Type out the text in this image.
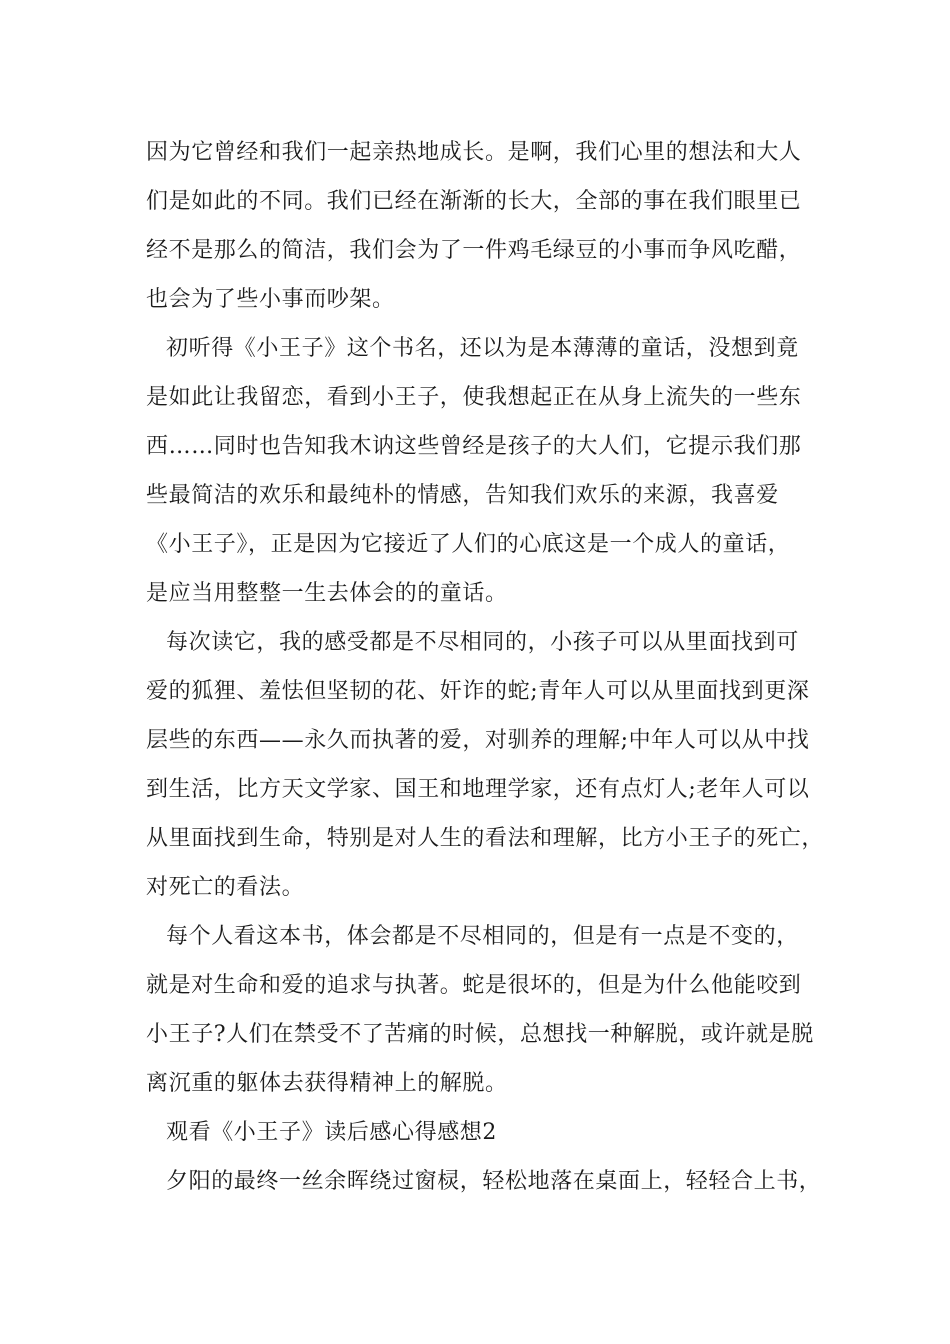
因为它曾经和我们一起亲热地成长。是啊，我们心里的想法和大人
们是如此的不同。我们已经在渐渐的长大，全部的事在我们眼里已
经不是那么的简洁，我们会为了一件鸡毛绿豆的小事而争风吃醋，
也会为了些小事而吵架。
初听得《小王子》这个书名，还以为是本薄薄的童话，没想到竟
是如此让我留恋，看到小王子，使我想起正在从身上流失的一些东
西……同时也告知我木讷这些曾经是孩子的大人们，它提示我们那
些最简洁的欢乐和最纯朴的情感，告知我们欢乐的来源，我喜爱
《小王子》，正是因为它接近了人们的心底这是一个成人的童话，
是应当用整整一生去体会的的童话。
每次读它，我的感受都是不尽相同的，小孩子可以从里面找到可
爱的狐狸、羞怯但坚韧的花、奸诈的蛇;青年人可以从里面找到更深
层些的东西——永久而执著的爱，对驯养的理解;中年人可以从中找
到生活，比方天文学家、国王和地理学家，还有点灯人;老年人可以
从里面找到生命，特别是对人生的看法和理解，比方小王子的死亡，
对死亡的看法。
每个人看这本书，体会都是不尽相同的，但是有一点是不变的，
就是对生命和爱的追求与执著。蛇是很坏的，但是为什么他能咬到
小王子?人们在禁受不了苦痛的时候，总想找一种解脱，或许就是脱
离沉重的躯体去获得精神上的解脱。
观看《小王子》读后感心得感想2
夕阳的最终一丝余晖绕过窗棂，轻松地落在桌面上，轻轻合上书，
